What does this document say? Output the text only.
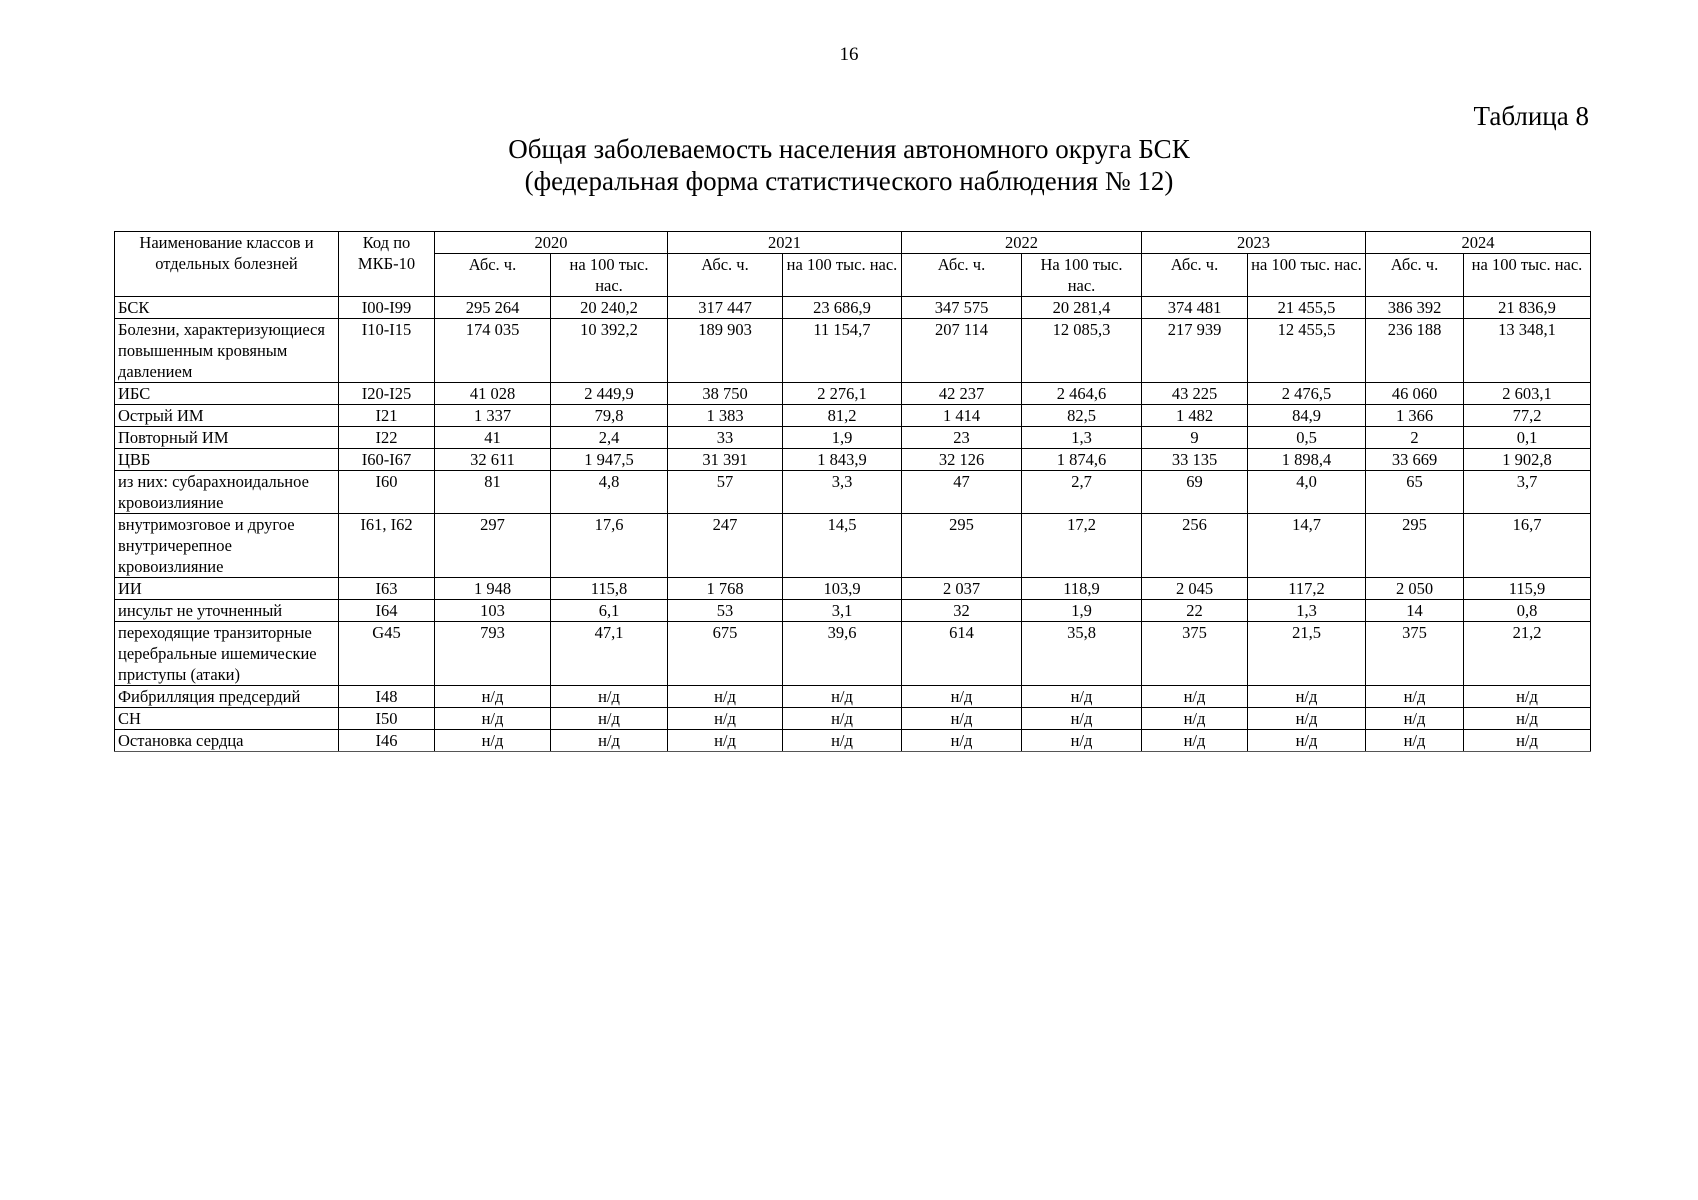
16
Таблица 8
Общая заболеваемость населения автономного округа БСК
(федеральная форма статистического наблюдения № 12)
Наименование классов и отдельных болезней	Код по МКБ-10	2020		2021		2022		2023		2024	
		Абс. ч.	на 100 тыс. нас.	Абс. ч.	на 100 тыс. нас.	Абс. ч.	На 100 тыс. нас.	Абс. ч.	на 100 тыс. нас.	Абс. ч.	на 100 тыс. нас.
БСК	I00-I99	295 264	20 240,2	317 447	23 686,9	347 575	20 281,4	374 481	21 455,5	386 392	21 836,9
Болезни, характеризующиеся повышенным кровяным давлением	I10-I15	174 035	10 392,2	189 903	11 154,7	207 114	12 085,3	217 939	12 455,5	236 188	13 348,1
ИБС	I20-I25	41 028	2 449,9	38 750	2 276,1	42 237	2 464,6	43 225	2 476,5	46 060	2 603,1
Острый ИМ	I21	1 337	79,8	1 383	81,2	1 414	82,5	1 482	84,9	1 366	77,2
Повторный ИМ	I22	41	2,4	33	1,9	23	1,3	9	0,5	2	0,1
ЦВБ	I60-I67	32 611	1 947,5	31 391	1 843,9	32 126	1 874,6	33 135	1 898,4	33 669	1 902,8
из них: субарахноидальное кровоизлияние	I60	81	4,8	57	3,3	47	2,7	69	4,0	65	3,7
внутримозговое и другое внутричерепное кровоизлияние	I61, I62	297	17,6	247	14,5	295	17,2	256	14,7	295	16,7
ИИ	I63	1 948	115,8	1 768	103,9	2 037	118,9	2 045	117,2	2 050	115,9
инсульт не уточненный	I64	103	6,1	53	3,1	32	1,9	22	1,3	14	0,8
переходящие транзиторные церебральные ишемические приступы (атаки)	G45	793	47,1	675	39,6	614	35,8	375	21,5	375	21,2
Фибрилляция предсердий	I48	н/д	н/д	н/д	н/д	н/д	н/д	н/д	н/д	н/д	н/д
СН	I50	н/д	н/д	н/д	н/д	н/д	н/д	н/д	н/д	н/д	н/д
Остановка сердца	I46	н/д	н/д	н/д	н/д	н/д	н/д	н/д	н/д	н/д	н/д
